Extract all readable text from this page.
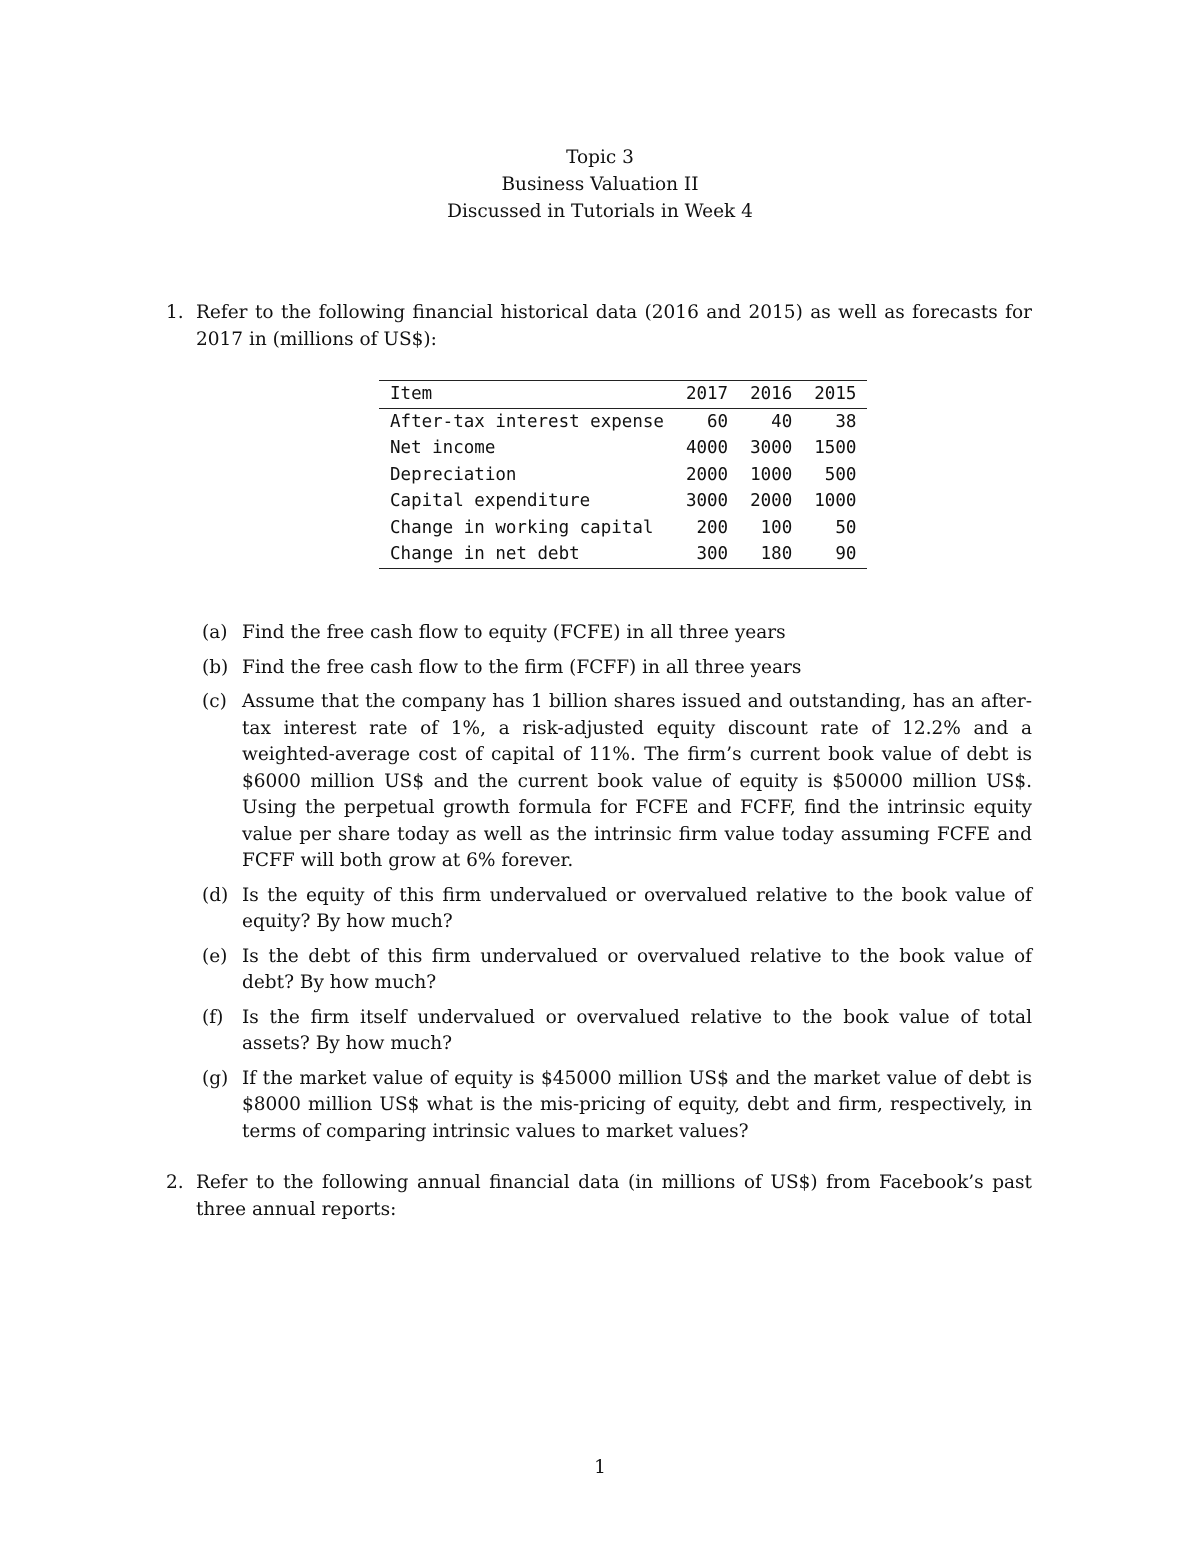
Topic 3
Business Valuation II
Discussed in Tutorials in Week 4
1. Refer to the following financial historical data (2016 and 2015) as well as forecasts for 2017 in (millions of US$):
Item	2017	2016	2015
After-tax interest expense	60	40	38
Net income	4000	3000	1500
Depreciation	2000	1000	500
Capital expenditure	3000	2000	1000
Change in working capital	200	100	50
Change in net debt	300	180	90
(a) Find the free cash flow to equity (FCFE) in all three years
(b) Find the free cash flow to the firm (FCFF) in all three years
(c) Assume that the company has 1 billion shares issued and outstanding, has an after-tax interest rate of 1%, a risk-adjusted equity discount rate of 12.2% and a weighted-average cost of capital of 11%. The firm’s current book value of debt is $6000 million US$ and the current book value of equity is $50000 million US$. Using the perpetual growth formula for FCFE and FCFF, find the intrinsic equity value per share today as well as the intrinsic firm value today assuming FCFE and FCFF will both grow at 6% forever.
(d) Is the equity of this firm undervalued or overvalued relative to the book value of equity? By how much?
(e) Is the debt of this firm undervalued or overvalued relative to the book value of debt? By how much?
(f) Is the firm itself undervalued or overvalued relative to the book value of total assets? By how much?
(g) If the market value of equity is $45000 million US$ and the market value of debt is $8000 million US$ what is the mis-pricing of equity, debt and firm, respectively, in terms of comparing intrinsic values to market values?
2. Refer to the following annual financial data (in millions of US$) from Facebook’s past three annual reports:
1
